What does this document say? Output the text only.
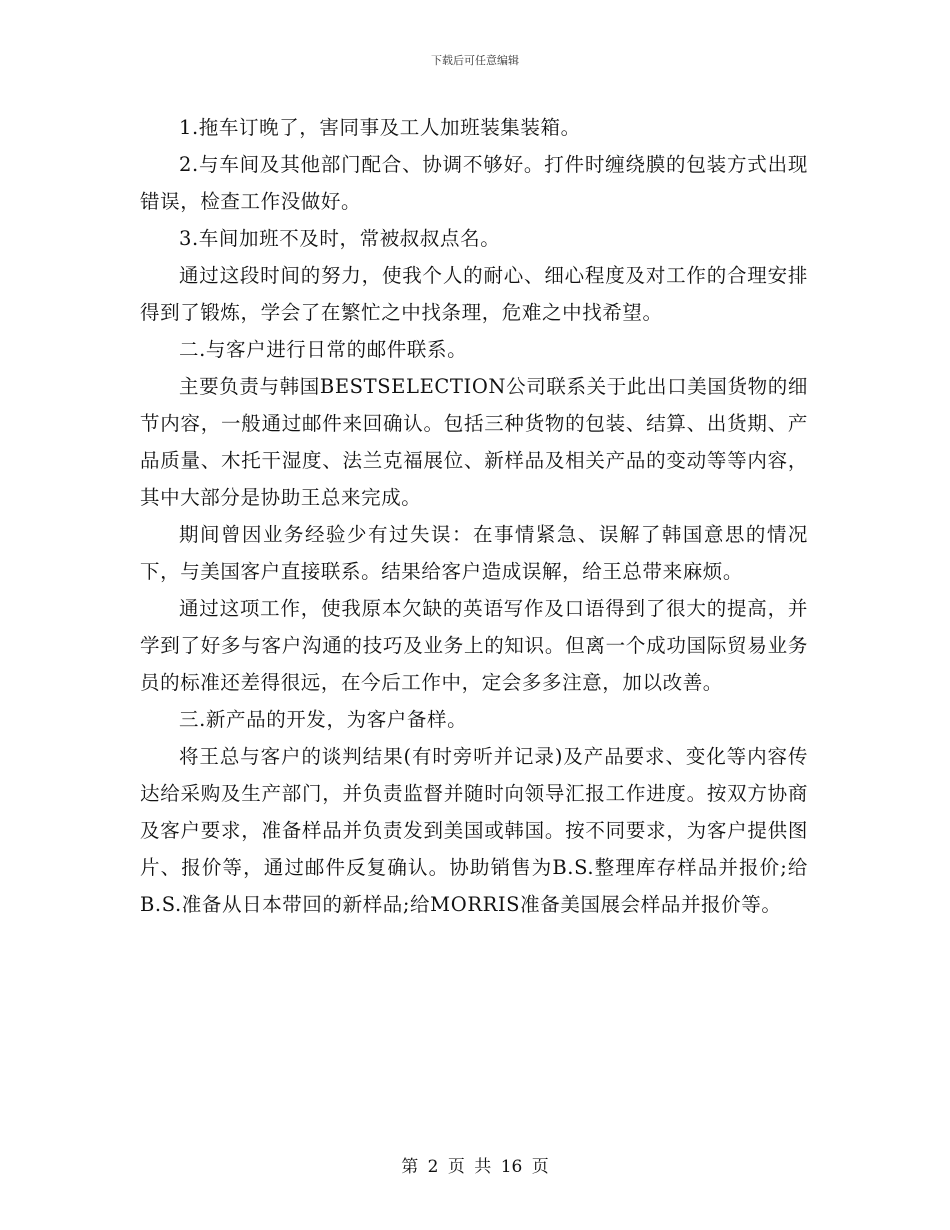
下载后可任意编辑

1.拖车订晚了，害同事及工人加班装集装箱。

2.与车间及其他部门配合、协调不够好。打件时缠绕膜的包装方式出现错误，检查工作没做好。

3.车间加班不及时，常被叔叔点名。

通过这段时间的努力，使我个人的耐心、细心程度及对工作的合理安排得到了锻炼，学会了在繁忙之中找条理，危难之中找希望。

二.与客户进行日常的邮件联系。

主要负责与韩国BESTSELECTION公司联系关于此出口美国货物的细节内容，一般通过邮件来回确认。包括三种货物的包装、结算、出货期、产品质量、木托干湿度、法兰克福展位、新样品及相关产品的变动等等内容，其中大部分是协助王总来完成。

期间曾因业务经验少有过失误：在事情紧急、误解了韩国意思的情况下，与美国客户直接联系。结果给客户造成误解，给王总带来麻烦。

通过这项工作，使我原本欠缺的英语写作及口语得到了很大的提高，并学到了好多与客户沟通的技巧及业务上的知识。但离一个成功国际贸易业务员的标准还差得很远，在今后工作中，定会多多注意，加以改善。

三.新产品的开发，为客户备样。

将王总与客户的谈判结果(有时旁听并记录)及产品要求、变化等内容传达给采购及生产部门，并负责监督并随时向领导汇报工作进度。按双方协商及客户要求，准备样品并负责发到美国或韩国。按不同要求，为客户提供图片、报价等，通过邮件反复确认。协助销售为B.S.整理库存样品并报价;给B.S.准备从日本带回的新样品;给MORRIS准备美国展会样品并报价等。

第 2 页 共 16 页
